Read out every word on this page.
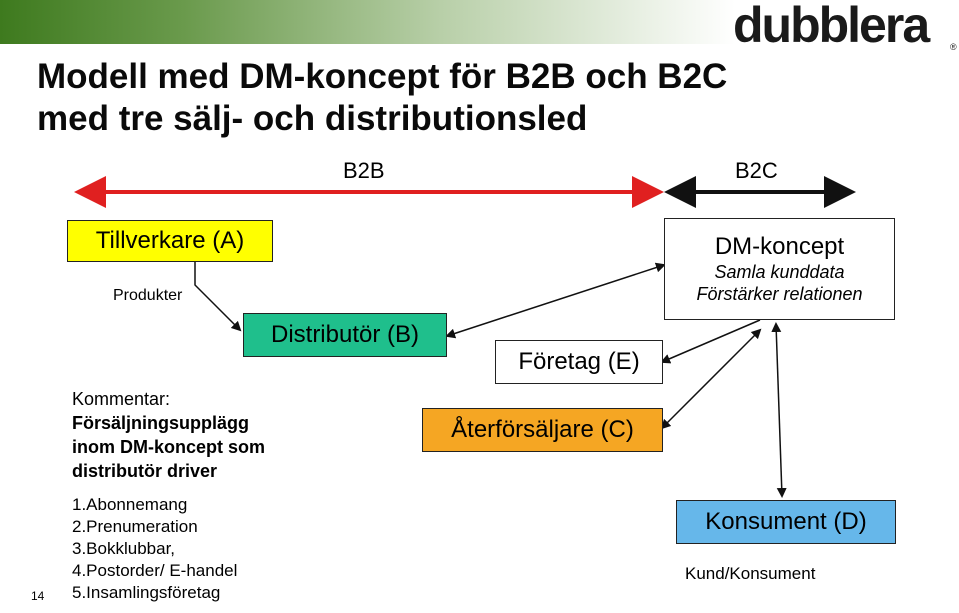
dubblera ®
Modell med DM-koncept för B2B och B2C
med tre sälj- och distributionsled
B2B	B2C
Tillverkare (A)
Produkter
Distributör (B)
Företag (E)
Återförsäljare (C)
DM-koncept
Samla kunddata
Förstärker relationen
Konsument (D)
Kund/Konsument
Kommentar:
Försäljningsupplägg
inom DM-koncept som
distributör driver
1.Abonnemang
2.Prenumeration
3.Bokklubbar,
4.Postorder/ E-handel
5.Insamlingsföretag
14
